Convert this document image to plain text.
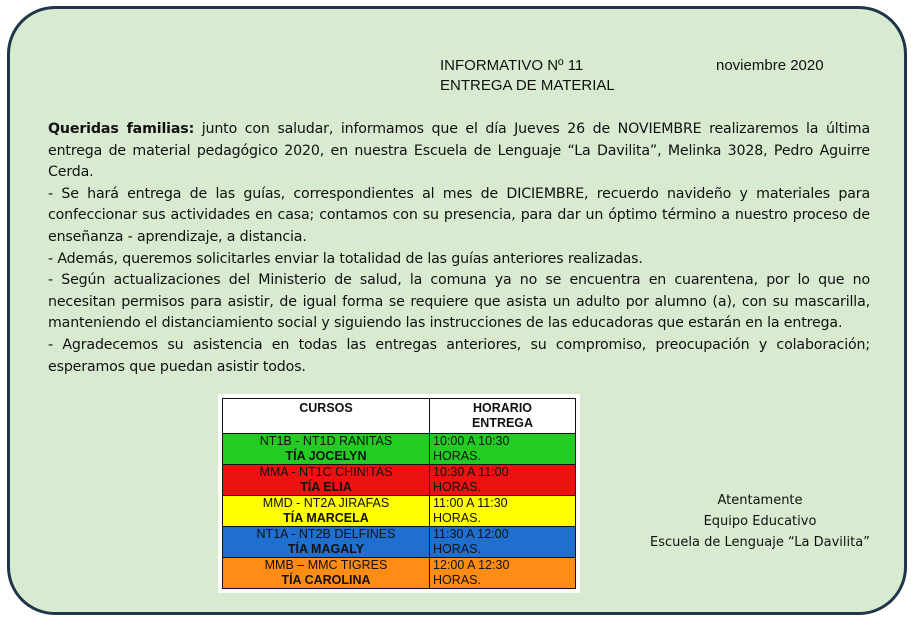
noviembre 2020

Queridas familias: junto con saludar, informamos que el día Jueves 26 de NOVIEMBRE realizaremos la última entrega de material pedagógico 2020, en nuestra Escuela de Lenguaje “La Davilita”, Melinka 3028, Pedro Aguirre Cerda.

- Se hará entrega de las guías, correspondientes al mes de DICIEMBRE, recuerdo navideño y materiales para confeccionar sus actividades en casa; contamos con su presencia, para dar un óptimo término a nuestro proceso de enseñanza - aprendizaje, a distancia.

- Además, queremos solicitarles enviar la totalidad de las guías anteriores realizadas.

- Según actualizaciones del Ministerio de salud, la comuna ya no se encuentra en cuarentena, por lo que no necesitan permisos para asistir, de igual forma se requiere que asista un adulto por alumno (a), con su mascarilla, manteniendo el distanciamiento social y siguiendo las instrucciones de las educadoras que estarán en la entrega.

- Agradecemos su asistencia en todas las entregas anteriores, su compromiso, preocupación y colaboración; esperamos que puedan asistir todos.

CURSOS	HORARIO
ENTREGA

NT1B - NT1D RANITAS
TÍA JOCELYN	10:00 A 10:30
HORAS.

MMA - NT1C CHINITAS
TÍA ELIA	10:30 A 11:00
HORAS.

MMD - NT2A JIRAFAS
TÍA MARCELA	11:00 A 11:30
HORAS.

NT1A - NT2B DELFINES
TÍA MAGALY	11:30 A 12:00
HORAS.

MMB – MMC TIGRES
TÍA CAROLINA	12:00 A 12:30
HORAS.
Atentamente
Equipo Educativo
Escuela de Lenguaje “La Davilita”
